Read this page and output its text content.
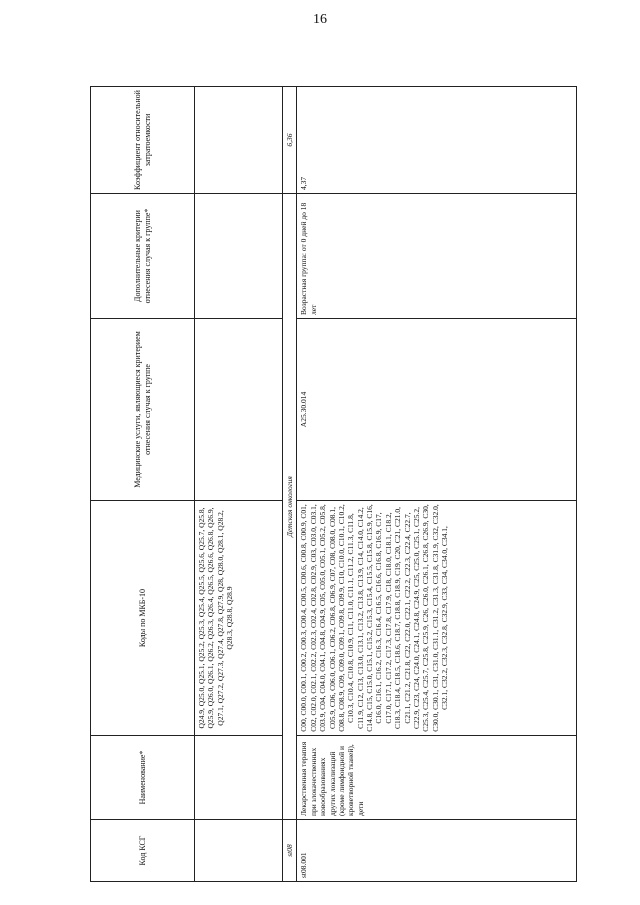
16
Код КСГ	Наименование*	Коды по МКБ-10	Медицинские услуги, являющиеся критерием отнесения случая к группе	Дополнительные критерии отнесения случая к группе*	Коэффициент относительной затратоемкости
		Q24.9, Q25.0, Q25.1, Q25.2, Q25.3, Q25.4, Q25.5, Q25.6, Q25.7, Q25.8, Q25.9, Q26.0, Q26.1, Q26.2, Q26.3, Q26.4, Q26.5, Q26.6, Q26.8, Q26.9, Q27.1, Q27.2, Q27.3, Q27.4, Q27.8, Q27.9, Q28, Q28.0, Q28.1, Q28.2, Q28.3, Q28.8, Q28.9			
st08	Детская онкология				6,36
st08.001	Лекарственная терапия при злокачественных новообразованиях других локализаций (кроме лимфоидной и кроветворной тканей), дети	C00, C00.0, C00.1, C00.2, C00.3, C00.4, C00.5, C00.6, C00.8, C00.9, C01, C02, C02.0, C02.1, C02.2, C02.3, C02.4, C02.8, C02.9, C03, C03.0, C03.1, C03.9, C04, C04.0, C04.1, C04.8, C04.9, C05, C05.0, C05.1, C05.2, C05.8, C05.9, C06, C06.0, C06.1, C06.2, C06.8, C06.9, C07, C08, C08.0, C08.1, C08.8, C08.9, C09, C09.0, C09.1, C09.8, C09.9, C10, C10.0, C10.1, C10.2, C10.3, C10.4, C10.8, C10.9, C11, C11.0, C11.1, C11.2, C11.3, C11.8, C11.9, C12, C13, C13.0, C13.1, C13.2, C13.8, C13.9, C14, C14.0, C14.2, C14.8, C15, C15.0, C15.1, C15.2, C15.3, C15.4, C15.5, C15.8, C15.9, C16, C16.0, C16.1, C16.2, C16.3, C16.4, C16.5, C16.6, C16.8, C16.9, C17, C17.0, C17.1, C17.2, C17.3, C17.8, C17.9, C18, C18.0, C18.1, C18.2, C18.3, C18.4, C18.5, C18.6, C18.7, C18.8, C18.9, C19, C20, C21, C21.0, C21.1, C21.2, C21.8, C22, C22.0, C22.1, C22.2, C22.3, C22.4, C22.7, C22.9, C23, C24, C24.0, C24.1, C24.8, C24.9, C25, C25.0, C25.1, C25.2, C25.3, C25.4, C25.7, C25.8, C25.9, C26, C26.0, C26.1, C26.8, C26.9, C30, C30.0, C30.1, C31, C31.0, C31.1, C31.2, C31.3, C31.8, C31.9, C32, C32.0, C32.1, C32.2, C32.3, C32.8, C32.9, C33, C34, C34.0, C34.1,	A25.30.014	Возрастная группа: от 0 дней до 18 лет	4,37
